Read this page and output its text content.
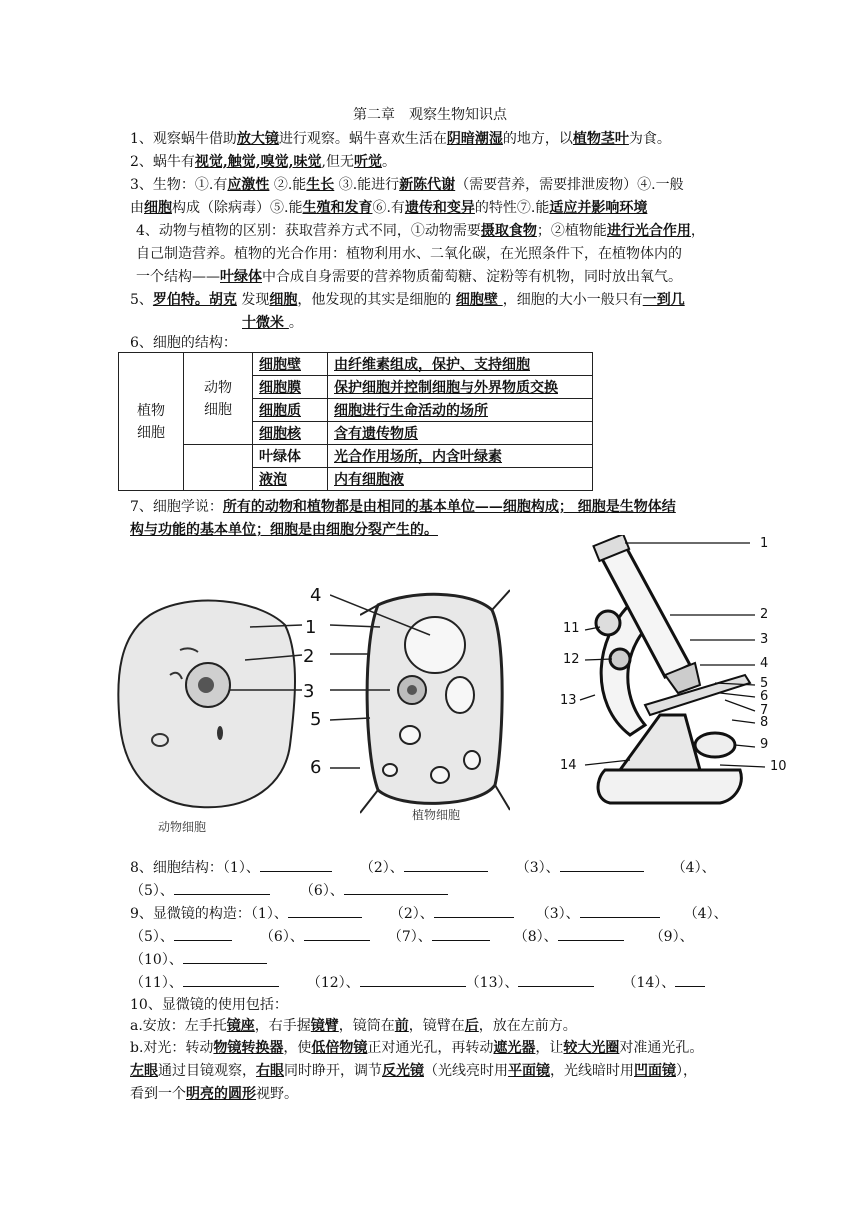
第二章　观察生物知识点
1、观察蜗牛借助放大镜进行观察。蜗牛喜欢生活在阴暗潮湿的地方，以植物茎叶为食。
2、蜗牛有视觉,触觉,嗅觉,味觉,但无听觉。
3、生物：①.有应激性 ②.能生长 ③.能进行新陈代谢（需要营养，需要排泄废物）④.一般
由细胞构成（除病毒）⑤.能生殖和发育⑥.有遗传和变异的特性⑦.能适应并影响环境
4、动物与植物的区别：获取营养方式不同，①动物需要摄取食物；②植物能进行光合作用，
自己制造营养。植物的光合作用：植物利用水、二氧化碳，在光照条件下，在植物体内的
一个结构——叶绿体中合成自身需要的营养物质葡萄糖、淀粉等有机物，同时放出氧气。
5、罗伯特。胡克 发现细胞，他发现的其实是细胞的 细胞壁 ，细胞的大小一般只有一到几
十微米 。
6、细胞的结构：
植物
细胞	动物
细胞	细胞壁	由纤维素组成，保护、支持细胞
		细胞膜	保护细胞并控制细胞与外界物质交换
		细胞质	细胞进行生命活动的场所
		细胞核	含有遗传物质
		叶绿体	光合作用场所，内含叶绿素
		液泡	内有细胞液
7、细胞学说：所有的动物和植物都是由相同的基本单位——细胞构成； 细胞是生物体结
构与功能的基本单位；细胞是由细胞分裂产生的。
1
2
3
4
5
6
动物细胞
植物细胞
1
2
3
4
5
6
7
8
9
10
11
12
13
14
8、细胞结构：（1）、	（2）、	（3）、	（4）、
（5）、	（6）、
9、显微镜的构造：（1）、	（2）、	（3）、	（4）、
（5）、	（6）、	（7）、	（8）、	（9）、
（10）、
（11）、	（12）、	（13）、	（14）、
10、显微镜的使用包括：
a.安放：左手托镜座，右手握镜臂，镜筒在前，镜臂在后，放在左前方。
b.对光：转动物镜转换器，使低倍物镜正对通光孔，再转动遮光器，让较大光圈对准通光孔。
左眼通过目镜观察，右眼同时睁开，调节反光镜（光线亮时用平面镜，光线暗时用凹面镜），
看到一个明亮的圆形视野。
